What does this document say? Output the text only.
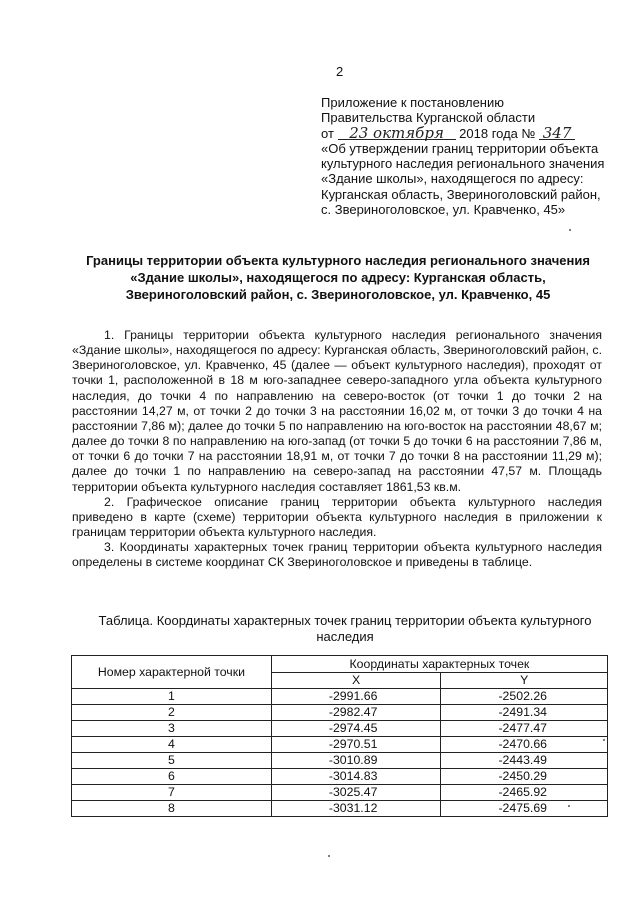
2
Приложение к постановлению
Правительства Курганской области
от 23 октября 2018 года № 347
«Об утверждении границ территории объекта
культурного наследия регионального значения
«Здание школы», находящегося по адресу:
Курганская область, Звериноголовский район,
с. Звериноголовское, ул. Кравченко, 45»
Границы территории объекта культурного наследия регионального значения «Здание школы», находящегося по адресу: Курганская область, Звериноголовский район, с. Звериноголовское, ул. Кравченко, 45

1. Границы территории объекта культурного наследия регионального значения «Здание школы», находящегося по адресу: Курганская область, Звериноголовский район, с. Звериноголовское, ул. Кравченко, 45 (далее — объект культурного наследия), проходят от точки 1, расположенной в 18 м юго-западнее северо-западного угла объекта культурного наследия, до точки 4 по направлению на северо-восток (от точки 1 до точки 2 на расстоянии 14,27 м, от точки 2 до точки 3 на расстоянии 16,02 м, от точки 3 до точки 4 на расстоянии 7,86 м); далее до точки 5 по направлению на юго-восток на расстоянии 48,67 м; далее до точки 8 по направлению на юго-запад (от точки 5 до точки 6 на расстоянии 7,86 м, от точки 6 до точки 7 на расстоянии 18,91 м, от точки 7 до точки 8 на расстоянии 11,29 м); далее до точки 1 по направлению на северо-запад на расстоянии 47,57 м. Площадь территории объекта культурного наследия составляет 1861,53 кв.м.

2. Графическое описание границ территории объекта культурного наследия приведено в карте (схеме) территории объекта культурного наследия в приложении к границам территории объекта культурного наследия.

3. Координаты характерных точек границ территории объекта культурного наследия определены в системе координат СК Звериноголовское и приведены в таблице.

Таблица. Координаты характерных точек границ территории объекта культурного наследия
Номер характерной точки	Координаты характерных точек	
	X	Y
1	-2991.66	-2502.26
2	-2982.47	-2491.34
3	-2974.45	-2477.47
4	-2970.51	-2470.66
5	-3010.89	-2443.49
6	-3014.83	-2450.29
7	-3025.47	-2465.92
8	-3031.12	-2475.69
